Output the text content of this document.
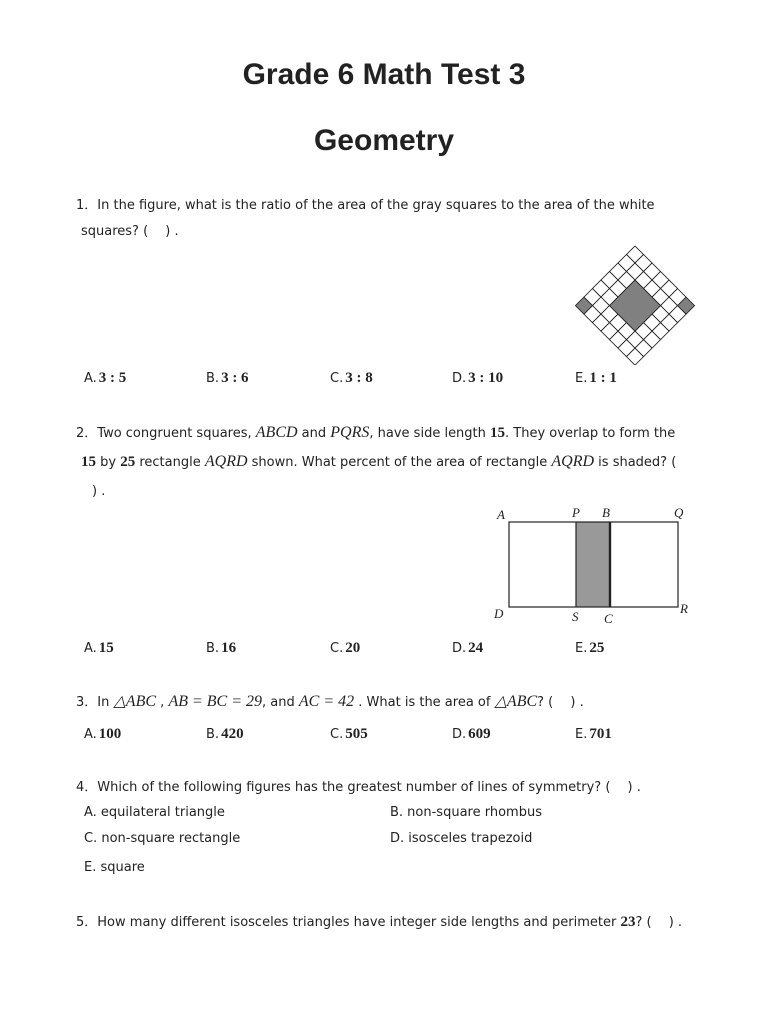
Grade 6 Math Test 3
Geometry
1．In the figure, what is the ratio of the area of the gray squares to the area of the white
squares? (　 ) .
A. 3 : 5	B. 3 : 6	C. 3 : 8	D. 3 : 10	E. 1 : 1
2．Two congruent squares, ABCD and PQRS, have side length 15. They overlap to form the
15 by 25 rectangle AQRD shown. What percent of the area of rectangle AQRD is shaded? (
) .
A	P B	Q
D	S C
R
A. 15	B. 16	C. 20	D. 24	E. 25
3．In △ABC , AB = BC = 29, and AC = 42 . What is the area of △ABC? (　 ) .
A. 100	B. 420	C. 505	D. 609	E. 701
4．Which of the following figures has the greatest number of lines of symmetry? (　 ) .
A. equilateral triangle	B. non-square rhombus
C. non-square rectangle	D. isosceles trapezoid
E. square
5．How many different isosceles triangles have integer side lengths and perimeter 23? (　 ) .
